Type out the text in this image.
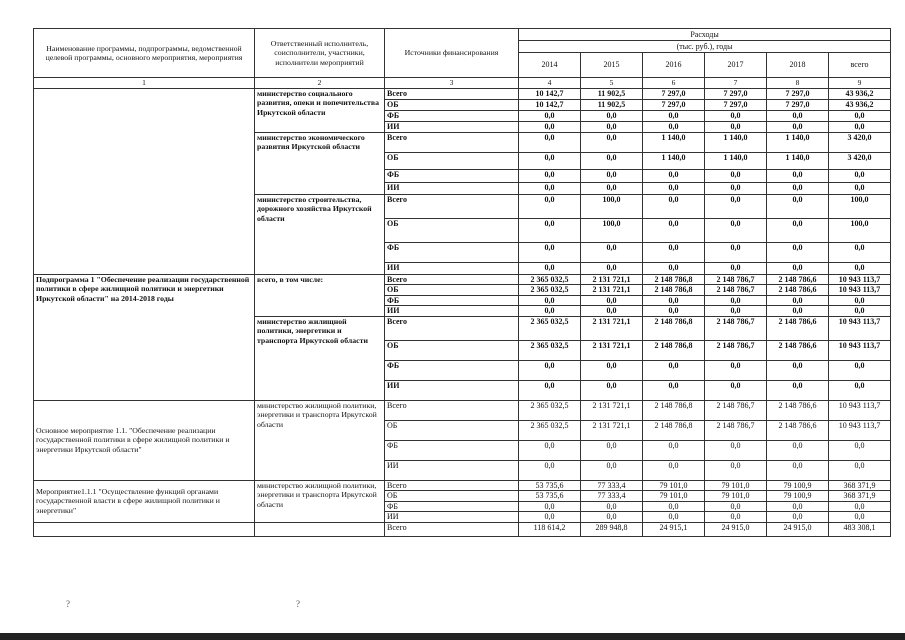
Наименование программы, подпрограммы, ведомственной целевой программы, основного мероприятия, мероприятия	Ответственный исполнитель, соисполнители, участники, исполнители мероприятий	Источники финансирования	Расходы					
			(тыс. руб.), годы					
			2014	2015	2016	2017	2018	всего
1	2	3	4	5	6	7	8	9
	министерство социального развития, опеки и попечительства Иркутской области	Всего	10 142,7	11 902,5	7 297,0	7 297,0	7 297,0	43 936,2
		ОБ	10 142,7	11 902,5	7 297,0	7 297,0	7 297,0	43 936,2
		ФБ	0,0	0,0	0,0	0,0	0,0	0,0
		ИИ	0,0	0,0	0,0	0,0	0,0	0,0
	министерство экономического развития Иркутской области	Всего	0,0	0,0	1 140,0	1 140,0	1 140,0	3 420,0
		ОБ	0,0	0,0	1 140,0	1 140,0	1 140,0	3 420,0
		ФБ	0,0	0,0	0,0	0,0	0,0	0,0
		ИИ	0,0	0,0	0,0	0,0	0,0	0,0
	министерство строительства, дорожного хозяйства Иркутской области	Всего	0,0	100,0	0,0	0,0	0,0	100,0
		ОБ	0,0	100,0	0,0	0,0	0,0	100,0
		ФБ	0,0	0,0	0,0	0,0	0,0	0,0
		ИИ	0,0	0,0	0,0	0,0	0,0	0,0
Подпрограмма 1 "Обеспечение реализации государственной политики в сфере жилищной политики и энергетики Иркутской области" на 2014-2018 годы	всего, в том числе:	Всего	2 365 032,5	2 131 721,1	2 148 786,8	2 148 786,7	2 148 786,6	10 943 113,7
		ОБ	2 365 032,5	2 131 721,1	2 148 786,8	2 148 786,7	2 148 786,6	10 943 113,7
		ФБ	0,0	0,0	0,0	0,0	0,0	0,0
		ИИ	0,0	0,0	0,0	0,0	0,0	0,0
	министерство жилищной политики, энергетики и транспорта Иркутской области	Всего	2 365 032,5	2 131 721,1	2 148 786,8	2 148 786,7	2 148 786,6	10 943 113,7
		ОБ	2 365 032,5	2 131 721,1	2 148 786,8	2 148 786,7	2 148 786,6	10 943 113,7
		ФБ	0,0	0,0	0,0	0,0	0,0	0,0
		ИИ	0,0	0,0	0,0	0,0	0,0	0,0
Основное мероприятие 1.1. "Обеспечение реализации государственной политики в сфере жилищной политики и энергетики Иркутской области"	министерство жилищной политики, энергетики и транспорта Иркутской области	Всего	2 365 032,5	2 131 721,1	2 148 786,8	2 148 786,7	2 148 786,6	10 943 113,7
		ОБ	2 365 032,5	2 131 721,1	2 148 786,8	2 148 786,7	2 148 786,6	10 943 113,7
		ФБ	0,0	0,0	0,0	0,0	0,0	0,0
		ИИ	0,0	0,0	0,0	0,0	0,0	0,0
Мероприятие1.1.1 "Осуществление функций органами государственной власти в сфере жилищной политики и энергетики"	министерство жилищной политики, энергетики и транспорта Иркутской области	Всего	53 735,6	77 333,4	79 101,0	79 101,0	79 100,9	368 371,9
		ОБ	53 735,6	77 333,4	79 101,0	79 101,0	79 100,9	368 371,9
		ФБ	0,0	0,0	0,0	0,0	0,0	0,0
		ИИ	0,0	0,0	0,0	0,0	0,0	0,0
		Всего	118 614,2	289 948,8	24 915,1	24 915,0	24 915,0	483 308,1
?	?
